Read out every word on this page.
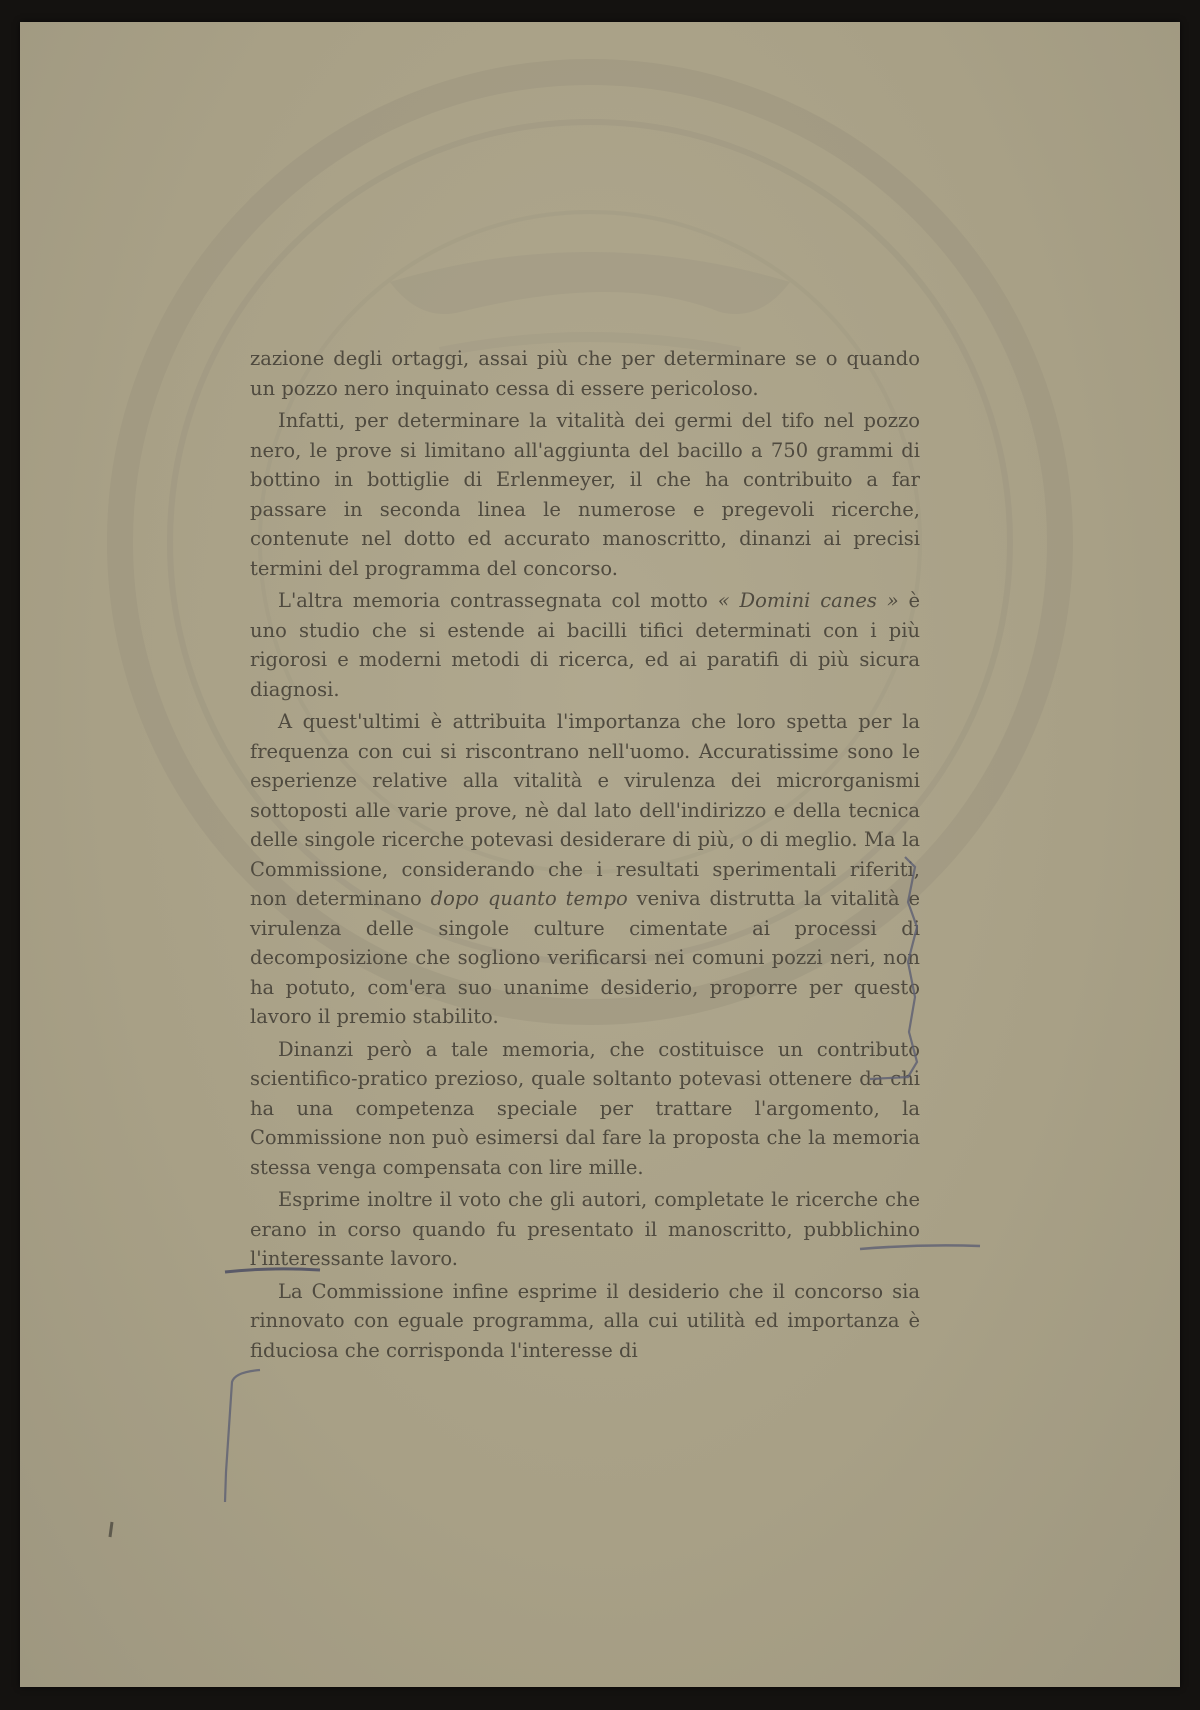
zazione degli ortaggi, assai più che per determinare se o quando un pozzo nero inquinato cessa di essere pericoloso.

Infatti, per determinare la vitalità dei germi del tifo nel pozzo nero, le prove si limitano all'aggiunta del bacillo a 750 grammi di bottino in bottiglie di Erlenmeyer, il che ha contribuito a far passare in seconda linea le numerose e pregevoli ricerche, contenute nel dotto ed accurato manoscritto, dinanzi ai precisi termini del programma del concorso.

L'altra memoria contrassegnata col motto « Domini canes » è uno studio che si estende ai bacilli tifici determinati con i più rigorosi e moderni metodi di ricerca, ed ai paratifi di più sicura diagnosi.

A quest'ultimi è attribuita l'importanza che loro spetta per la frequenza con cui si riscontrano nell'uomo. Accuratissime sono le esperienze relative alla vitalità e virulenza dei microrganismi sottoposti alle varie prove, nè dal lato dell'indirizzo e della tecnica delle singole ricerche potevasi desiderare di più, o di meglio. Ma la Commissione, considerando che i resultati sperimentali riferiti, non determinano dopo quanto tempo veniva distrutta la vitalità e virulenza delle singole culture cimentate ai processi di decomposizione che sogliono verificarsi nei comuni pozzi neri, non ha potuto, com'era suo unanime desiderio, proporre per questo lavoro il premio stabilito.

Dinanzi però a tale memoria, che costituisce un contributo scientifico-pratico prezioso, quale soltanto potevasi ottenere da chi ha una competenza speciale per trattare l'argomento, la Commissione non può esimersi dal fare la proposta che la memoria stessa venga compensata con lire mille.

Esprime inoltre il voto che gli autori, completate le ricerche che erano in corso quando fu presentato il manoscritto, pubblichino l'interessante lavoro.

La Commissione infine esprime il desiderio che il concorso sia rinnovato con eguale programma, alla cui utilità ed importanza è fiduciosa che corrisponda l'interesse di
